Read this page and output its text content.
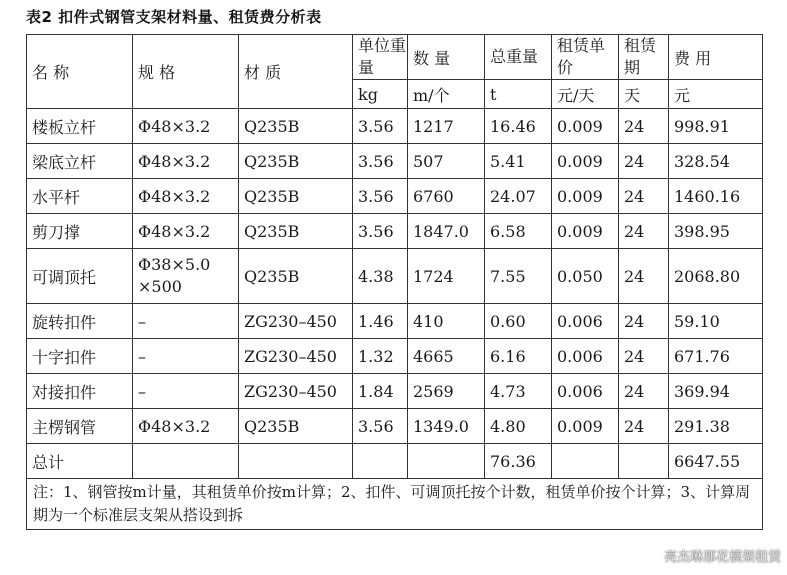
表2 扣件式钢管支架材料量、租赁费分析表
名 称	规 格	材 质	单位重量	数 量	总重量	租赁单价	租赁期	费 用
			kg	m/个	t	元/天	天	元
楼板立杆	Φ48×3.2	Q235B	3.56	1217	16.46	0.009	24	998.91
梁底立杆	Φ48×3.2	Q235B	3.56	507	5.41	0.009	24	328.54
水平杆	Φ48×3.2	Q235B	3.56	6760	24.07	0.009	24	1460.16
剪刀撑	Φ48×3.2	Q235B	3.56	1847.0	6.58	0.009	24	398.95
可调顶托	Φ38×5.0 ×500	Q235B	4.38	1724	7.55	0.050	24	2068.80
旋转扣件	–	ZG230–450	1.46	410	0.60	0.006	24	59.10
十字扣件	–	ZG230–450	1.32	4665	6.16	0.006	24	671.76
对接扣件	–	ZG230–450	1.84	2569	4.73	0.006	24	369.94
主楞钢管	Φ48×3.2	Q235B	3.56	1349.0	4.80	0.009	24	291.38
总计					76.36			6647.55
注：1、钢管按m计量，其租赁单价按m计算；2、扣件、可调顶托按个计数，租赁单价按个计算；3、计算周期为一个标准层支架从搭设到拆								
亮杰琳那花模架租赁
